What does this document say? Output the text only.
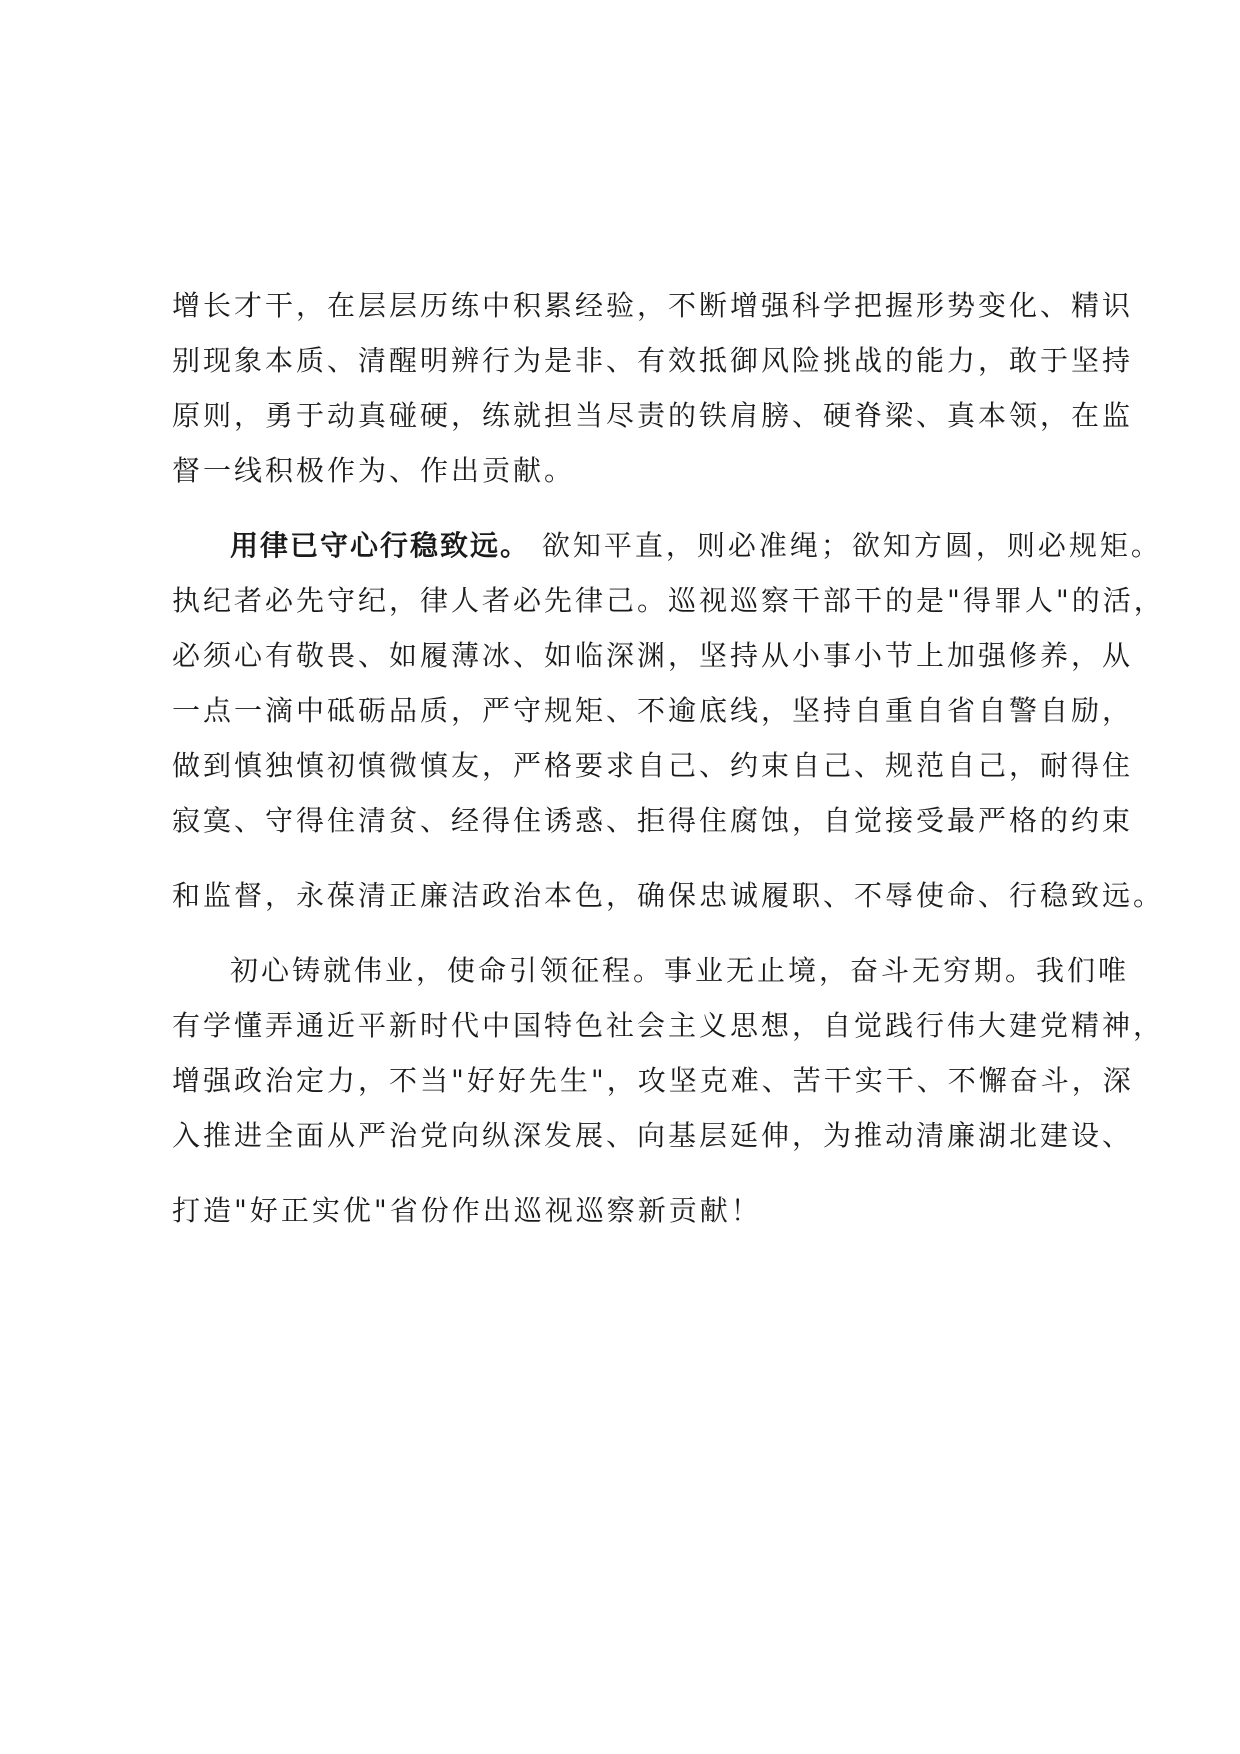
增长才干，在层层历练中积累经验，不断增强科学把握形势变化、精识
别现象本质、清醒明辨行为是非、有效抵御风险挑战的能力，敢于坚持
原则，勇于动真碰硬，练就担当尽责的铁肩膀、硬脊梁、真本领，在监
督一线积极作为、作出贡献。
用律已守心行稳致远。 欲知平直，则必准绳；欲知方圆，则必规矩。
执纪者必先守纪，律人者必先律己。巡视巡察干部干的是"得罪人"的活，
必须心有敬畏、如履薄冰、如临深渊，坚持从小事小节上加强修养，从
一点一滴中砥砺品质，严守规矩、不逾底线，坚持自重自省自警自励，
做到慎独慎初慎微慎友，严格要求自己、约束自己、规范自己，耐得住
寂寞、守得住清贫、经得住诱惑、拒得住腐蚀，自觉接受最严格的约束
和监督，永葆清正廉洁政治本色，确保忠诚履职、不辱使命、行稳致远。
初心铸就伟业，使命引领征程。事业无止境，奋斗无穷期。我们唯
有学懂弄通近平新时代中国特色社会主义思想，自觉践行伟大建党精神，
增强政治定力，不当"好好先生"，攻坚克难、苦干实干、不懈奋斗，深
入推进全面从严治党向纵深发展、向基层延伸，为推动清廉湖北建设、
打造"好正实优"省份作出巡视巡察新贡献！
